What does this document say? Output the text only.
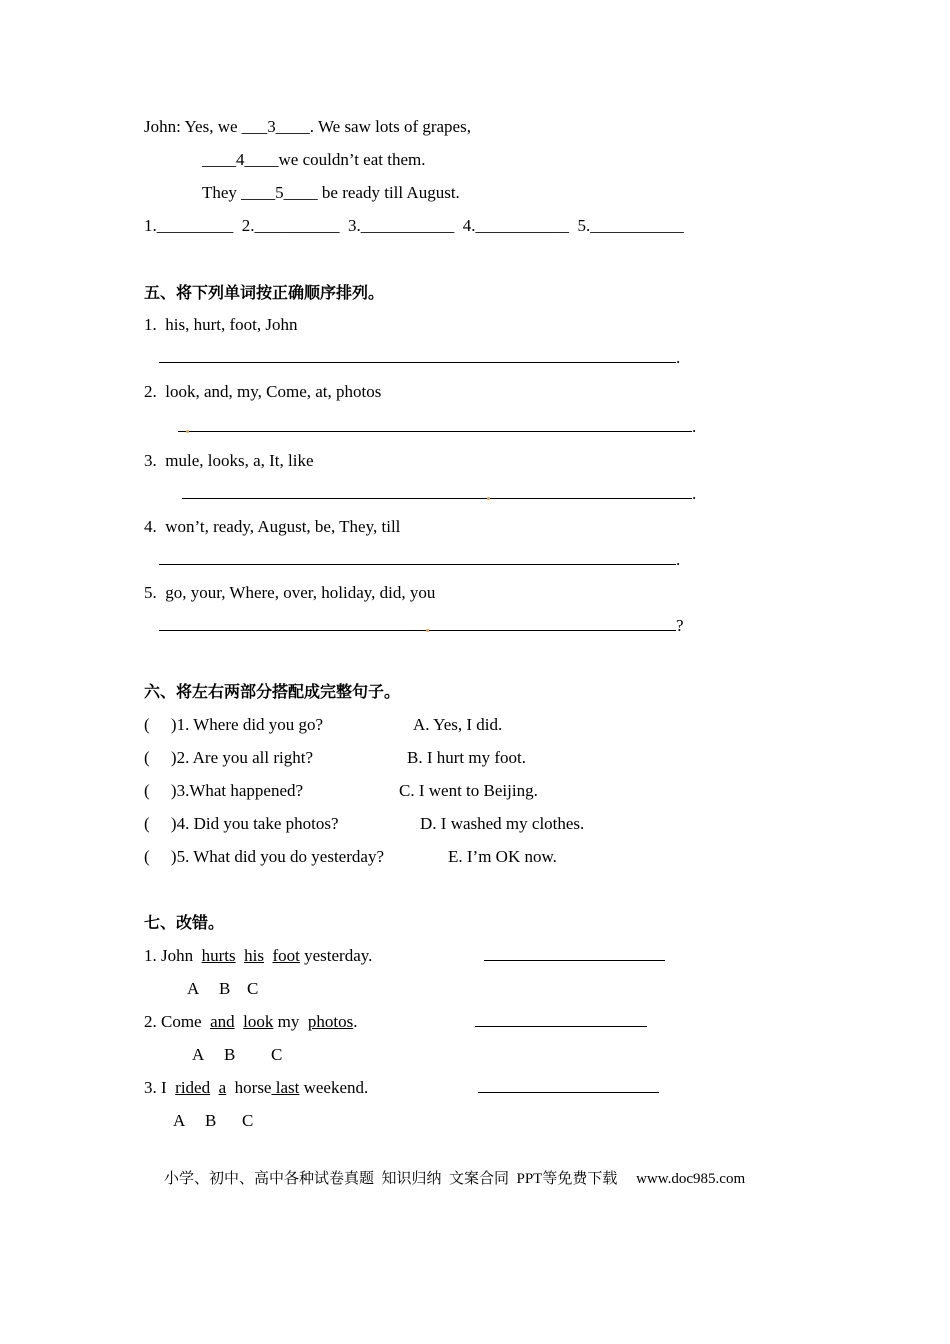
John: Yes, we ___3____. We saw lots of grapes,
____4____we couldn’t eat them.
They ____5____ be ready till August.
1._________  2.__________  3.___________  4.___________  5.___________
五、将下列单词按正确顺序排列。
1.  his, hurt, foot, John
.
2.  look, and, my, Come, at, photos
.
3.  mule, looks, a, It, like
.
4.  won’t, ready, August, be, They, till
.
5.  go, your, Where, over, holiday, did, you
?
六、将左右两部分搭配成完整句子。
(     )1. Where did you go?	A. Yes, I did.
(     )2. Are you all right?	B. I hurt my foot.
(     )3.What happened?	C. I went to Beijing.
(     )4. Did you take photos?	D. I washed my clothes.
(     )5. What did you do yesterday?	E. I’m OK now.
七、改错。
1. John  hurts his foot yesterday.
A B C
2. Come  and look my  photos.
A B C
3. I  rided a  horse last weekend.
A B C
小学、初中、高中各种试卷真题  知识归纳  文案合同  PPT等免费下载     www.doc985.com
